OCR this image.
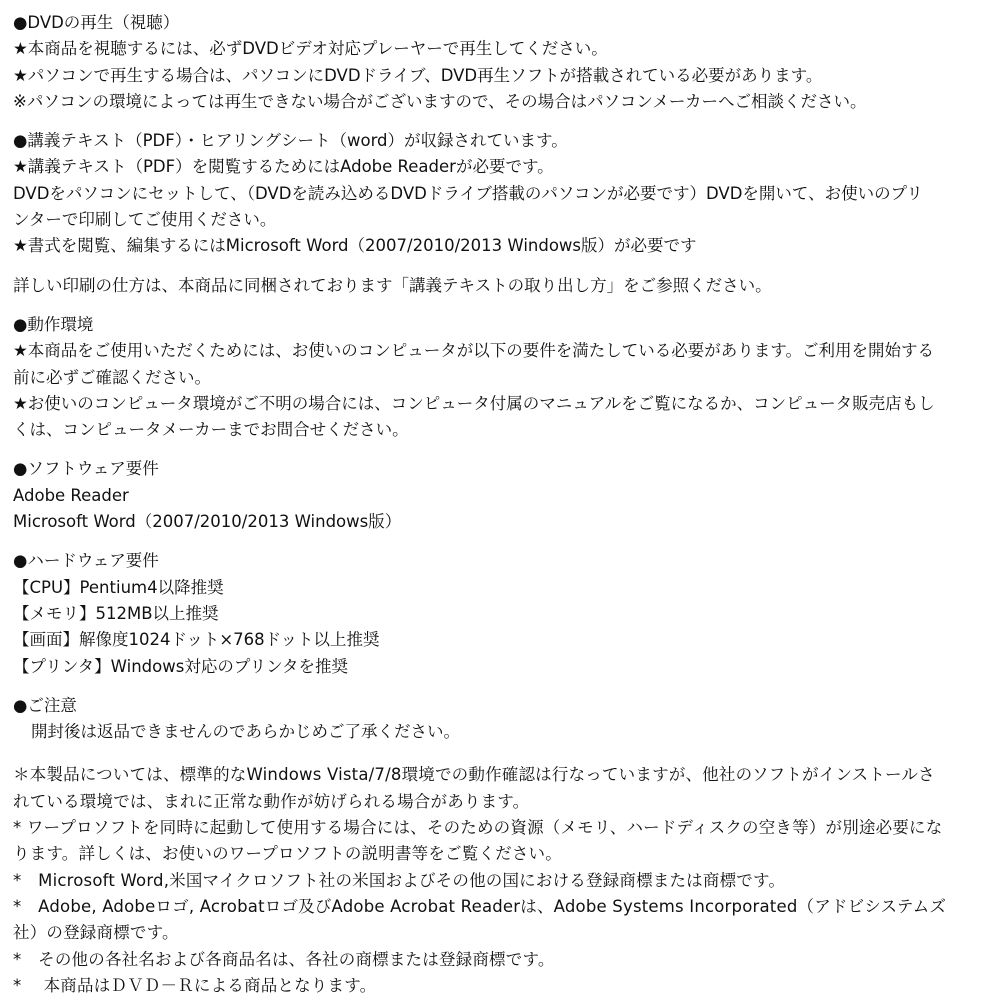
●DVDの再生（視聴）
★本商品を視聴するには、必ずDVDビデオ対応プレーヤーで再生してください。
★パソコンで再生する場合は、パソコンにDVDドライブ、DVD再生ソフトが搭載されている必要があります。
※パソコンの環境によっては再生できない場合がございますので、その場合はパソコンメーカーへご相談ください。
●講義テキスト（PDF）・ヒアリングシート（word）が収録されています。
★講義テキスト（PDF）を閲覧するためにはAdobe Readerが必要です。
DVDをパソコンにセットして、（DVDを読み込めるDVDドライブ搭載のパソコンが必要です）DVDを開いて、お使いのプリ
ンターで印刷してご使用ください。
★書式を閲覧、編集するにはMicrosoft Word（2007/2010/2013 Windows版）が必要です
詳しい印刷の仕方は、本商品に同梱されております「講義テキストの取り出し方」をご参照ください。
●動作環境
★本商品をご使用いただくためには、お使いのコンピュータが以下の要件を満たしている必要があります。ご利用を開始する
前に必ずご確認ください。
★お使いのコンピュータ環境がご不明の場合には、コンピュータ付属のマニュアルをご覧になるか、コンピュータ販売店もし
くは、コンピュータメーカーまでお問合せください。
●ソフトウェア要件
Adobe Reader
Microsoft Word（2007/2010/2013 Windows版）
●ハードウェア要件
【CPU】Pentium4以降推奨
【メモリ】512MB以上推奨
【画面】解像度1024ドット×768ドット以上推奨
【プリンタ】Windows対応のプリンタを推奨
●ご注意
開封後は返品できませんのであらかじめご了承ください。
＊本製品については、標準的なWindows Vista/7/8環境での動作確認は行なっていますが、他社のソフトがインストールさ
れている環境では、まれに正常な動作が妨げられる場合があります。
* ワープロソフトを同時に起動して使用する場合には、そのための資源（メモリ、ハードディスクの空き等）が別途必要にな
ります。詳しくは、お使いのワープロソフトの説明書等をご覧ください。
*　Microsoft Word,米国マイクロソフト社の米国およびその他の国における登録商標または商標です。
*　Adobe, Adobeロゴ, Acrobatロゴ及びAdobe Acrobat Readerは、Adobe Systems Incorporated（アドビシステムズ
社）の登録商標です。
*　その他の各社名および各商品名は、各社の商標または登録商標です。
*　 本商品はＤＶＤ－Ｒによる商品となります。
